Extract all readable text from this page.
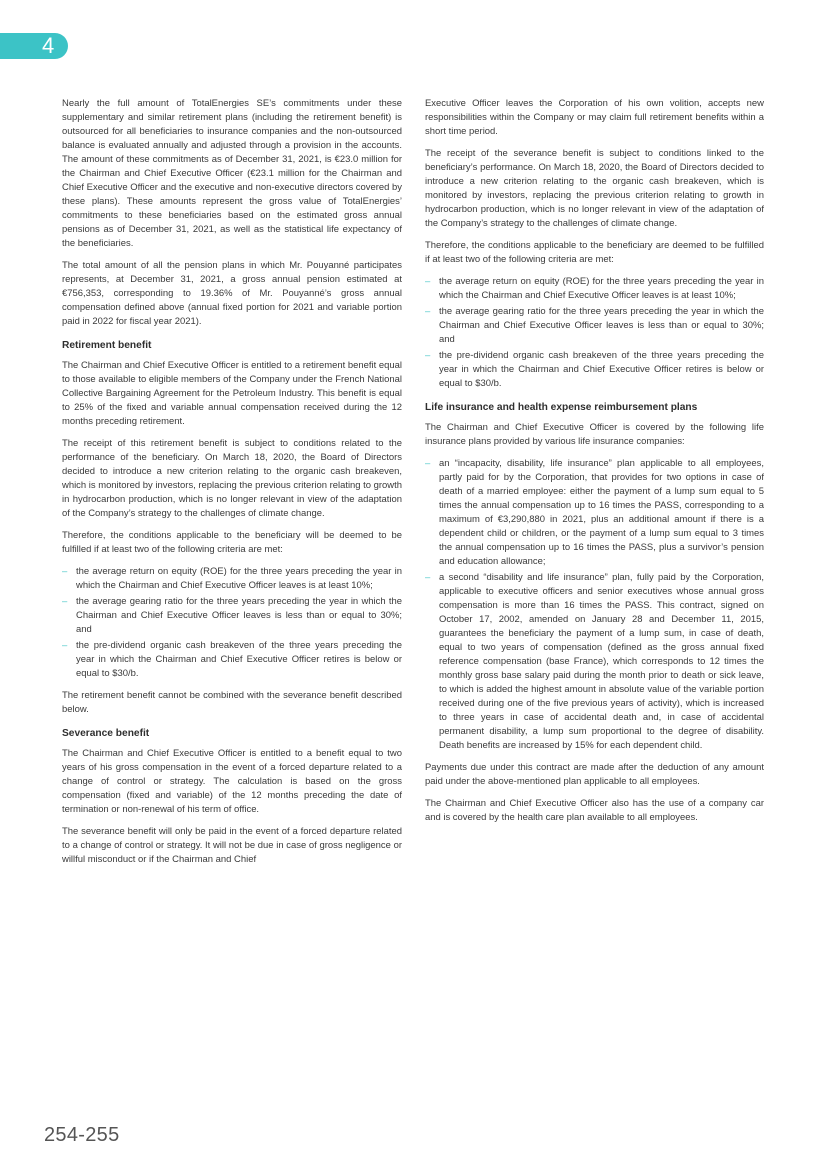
4

Nearly the full amount of TotalEnergies SE’s commitments under these supplementary and similar retirement plans (including the retirement benefit) is outsourced for all beneficiaries to insurance companies and the non-outsourced balance is evaluated annually and adjusted through a provision in the accounts. The amount of these commitments as of December 31, 2021, is €23.0 million for the Chairman and Chief Executive Officer (€23.1 million for the Chairman and Chief Executive Officer and the executive and non-executive directors covered by these plans). These amounts represent the gross value of TotalEnergies’ commitments to these beneficiaries based on the estimated gross annual pensions as of December 31, 2021, as well as the statistical life expectancy of the beneficiaries.

The total amount of all the pension plans in which Mr. Pouyanné participates represents, at December 31, 2021, a gross annual pension estimated at €756,353, corresponding to 19.36% of Mr. Pouyanné’s gross annual compensation defined above (annual fixed portion for 2021 and variable portion paid in 2022 for fiscal year 2021).

Retirement benefit

The Chairman and Chief Executive Officer is entitled to a retirement benefit equal to those available to eligible members of the Company under the French National Collective Bargaining Agreement for the Petroleum Industry. This benefit is equal to 25% of the fixed and variable annual compensation received during the 12 months preceding retirement.

The receipt of this retirement benefit is subject to conditions related to the performance of the beneficiary. On March 18, 2020, the Board of Directors decided to introduce a new criterion relating to the organic cash breakeven, which is monitored by investors, replacing the previous criterion relating to growth in hydrocarbon production, which is no longer relevant in view of the adaptation of the Company’s strategy to the challenges of climate change.

Therefore, the conditions applicable to the beneficiary will be deemed to be fulfilled if at least two of the following criteria are met:

– the average return on equity (ROE) for the three years preceding the year in which the Chairman and Chief Executive Officer leaves is at least 10%;
– the average gearing ratio for the three years preceding the year in which the Chairman and Chief Executive Officer leaves is less than or equal to 30%; and
– the pre-dividend organic cash breakeven of the three years preceding the year in which the Chairman and Chief Executive Officer retires is below or equal to $30/b.

The retirement benefit cannot be combined with the severance benefit described below.

Severance benefit

The Chairman and Chief Executive Officer is entitled to a benefit equal to two years of his gross compensation in the event of a forced departure related to a change of control or strategy. The calculation is based on the gross compensation (fixed and variable) of the 12 months preceding the date of termination or non-renewal of his term of office.

The severance benefit will only be paid in the event of a forced departure related to a change of control or strategy. It will not be due in case of gross negligence or willful misconduct or if the Chairman and Chief

Executive Officer leaves the Corporation of his own volition, accepts new responsibilities within the Company or may claim full retirement benefits within a short time period.

The receipt of the severance benefit is subject to conditions linked to the beneficiary’s performance. On March 18, 2020, the Board of Directors decided to introduce a new criterion relating to the organic cash breakeven, which is monitored by investors, replacing the previous criterion relating to growth in hydrocarbon production, which is no longer relevant in view of the adaptation of the Company’s strategy to the challenges of climate change.

Therefore, the conditions applicable to the beneficiary are deemed to be fulfilled if at least two of the following criteria are met:

– the average return on equity (ROE) for the three years preceding the year in which the Chairman and Chief Executive Officer leaves is at least 10%;
– the average gearing ratio for the three years preceding the year in which the Chairman and Chief Executive Officer leaves is less than or equal to 30%; and
– the pre-dividend organic cash breakeven of the three years preceding the year in which the Chairman and Chief Executive Officer retires is below or equal to $30/b.
Life insurance and health expense reimbursement plans

The Chairman and Chief Executive Officer is covered by the following life insurance plans provided by various life insurance companies:

– an “incapacity, disability, life insurance” plan applicable to all employees, partly paid for by the Corporation, that provides for two options in case of death of a married employee: either the payment of a lump sum equal to 5 times the annual compensation up to 16 times the PASS, corresponding to a maximum of €3,290,880 in 2021, plus an additional amount if there is a dependent child or children, or the payment of a lump sum equal to 3 times the annual compensation up to 16 times the PASS, plus a survivor’s pension and education allowance;
– a second “disability and life insurance” plan, fully paid by the Corporation, applicable to executive officers and senior executives whose annual gross compensation is more than 16 times the PASS. This contract, signed on October 17, 2002, amended on January 28 and December 11, 2015, guarantees the beneficiary the payment of a lump sum, in case of death, equal to two years of compensation (defined as the gross annual fixed reference compensation (base France), which corresponds to 12 times the monthly gross base salary paid during the month prior to death or sick leave, to which is added the highest amount in absolute value of the variable portion received during one of the five previous years of activity), which is increased to three years in case of accidental death and, in case of accidental permanent disability, a lump sum proportional to the degree of disability. Death benefits are increased by 15% for each dependent child.

Payments due under this contract are made after the deduction of any amount paid under the above-mentioned plan applicable to all employees.

The Chairman and Chief Executive Officer also has the use of a company car and is covered by the health care plan available to all employees.

254-255
